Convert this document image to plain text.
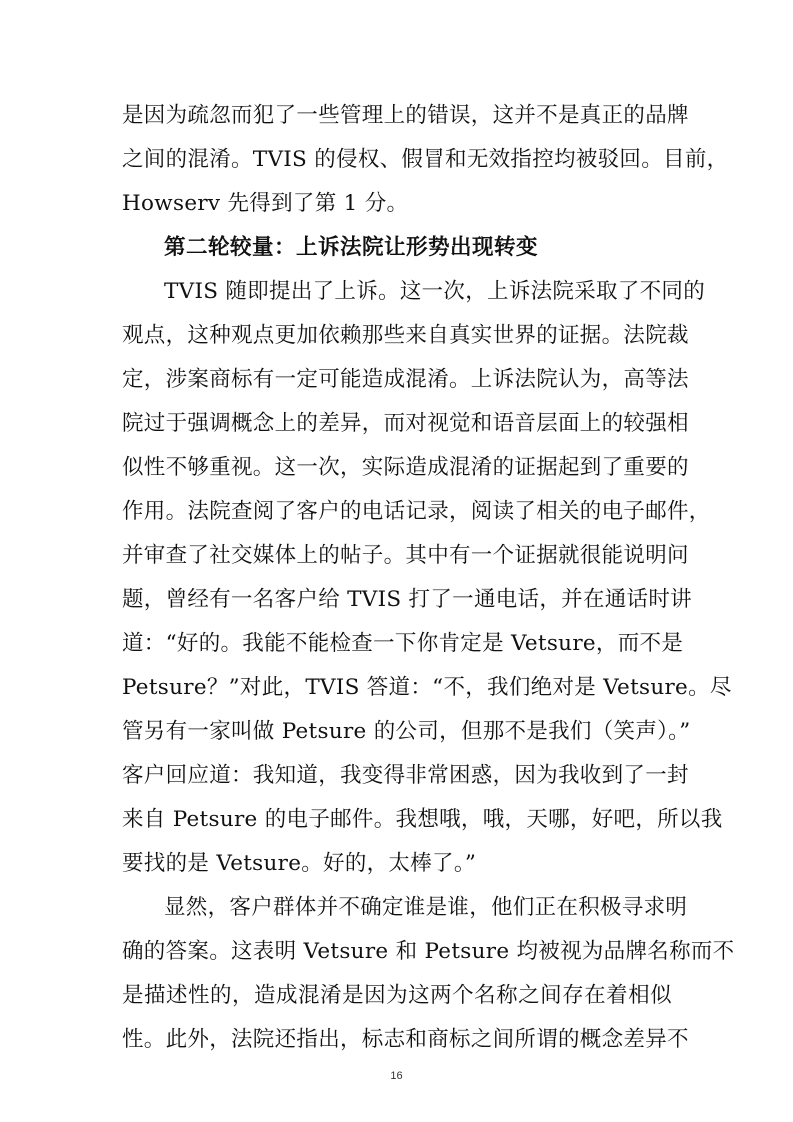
是因为疏忽而犯了一些管理上的错误，这并不是真正的品牌
之间的混淆。TVIS 的侵权、假冒和无效指控均被驳回。目前，
Howserv 先得到了第 1 分。
第二轮较量：上诉法院让形势出现转变
TVIS 随即提出了上诉。这一次，上诉法院采取了不同的
观点，这种观点更加依赖那些来自真实世界的证据。法院裁
定，涉案商标有一定可能造成混淆。上诉法院认为，高等法
院过于强调概念上的差异，而对视觉和语音层面上的较强相
似性不够重视。这一次，实际造成混淆的证据起到了重要的
作用。法院查阅了客户的电话记录，阅读了相关的电子邮件，
并审查了社交媒体上的帖子。其中有一个证据就很能说明问
题，曾经有一名客户给 TVIS 打了一通电话，并在通话时讲
道：“好的。我能不能检查一下你肯定是 Vetsure，而不是
Petsure？”对此，TVIS 答道：“不，我们绝对是 Vetsure。尽
管另有一家叫做 Petsure 的公司，但那不是我们（笑声）。”
客户回应道：我知道，我变得非常困惑，因为我收到了一封
来自 Petsure 的电子邮件。我想哦，哦，天哪，好吧，所以我
要找的是 Vetsure。好的，太棒了。”
显然，客户群体并不确定谁是谁，他们正在积极寻求明
确的答案。这表明 Vetsure 和 Petsure 均被视为品牌名称而不
是描述性的，造成混淆是因为这两个名称之间存在着相似
性。此外，法院还指出，标志和商标之间所谓的概念差异不
16
